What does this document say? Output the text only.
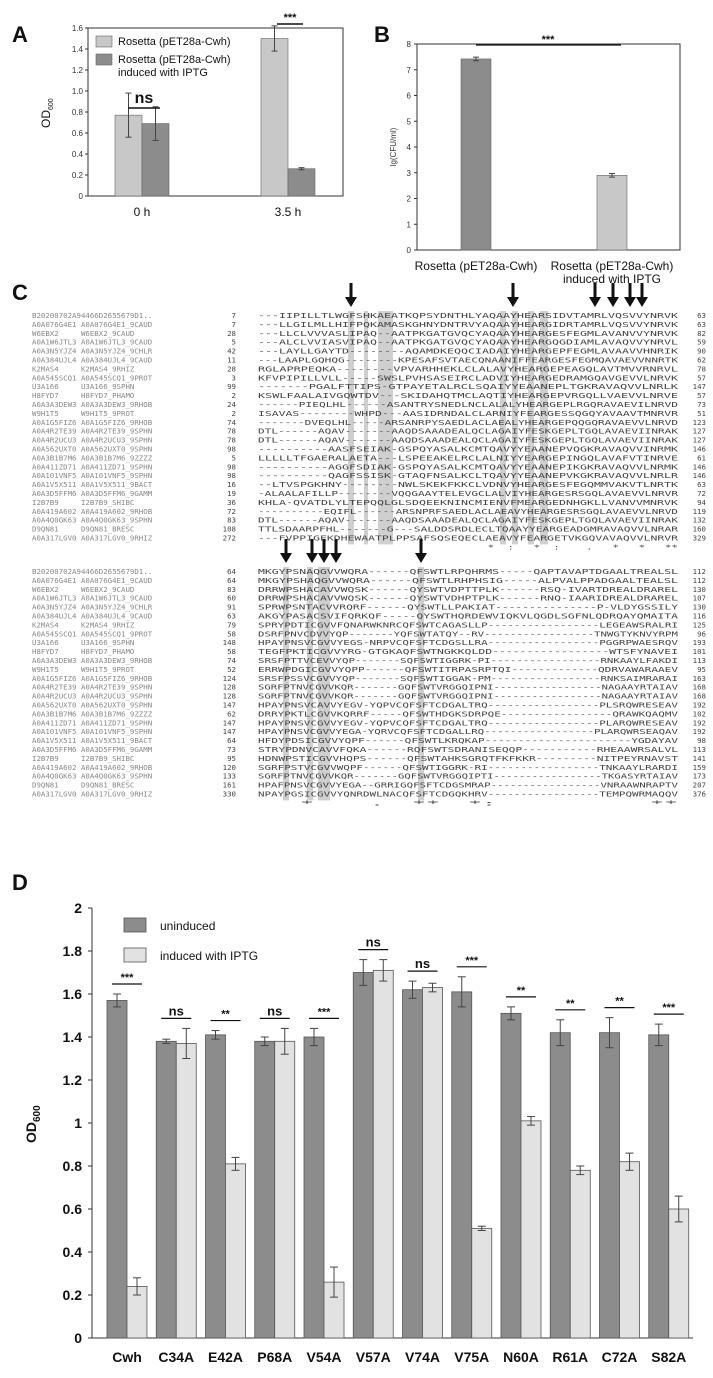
A	B
C
D
0
0.2
0.4
0.6
0.8
1.0
1.2
1.4
1.6
$OD_{600}$
0 h	3.5 h
ns
***
Rosetta (pET28a-Cwh)
Rosetta (pET28a-Cwh)
induced with IPTG
0
1
2
3
4
5
6
7
8
lg(CFU/ml)
Rosetta (pET28a-Cwh) Rosetta (pET28a-Cwh)
induced with IPTG
***
B20200702A94466D2655679D1..	7	---IIPILLTLWGFSHKAEATKQPSYDNTHLYAQAAYHEARSIDVTAMRLVQSVVYNRVK 63
A0A076G4E1 A0A076G4E1_9CAUD	7	---LLGILMLLHIFPQKAMASKGHNYDNTRVYAQAAYHEARGIDRTAMRLVQSVVYNRVK 63
W6EBX2     W6EBX2_9CAUD	28	---LLCLVVVASLIPAQ--AATPKGATGVQCYAQAAYHEARGESFEGMLAVANVVYNRVK 82
A0A1W6JTL3 A0A1W6JTL3_9CAUD	5	---ALCLVVIASVIPAQ--AATPKGATGVQCYAQAAYHEARGQGDIAMLAVAQVVYNRVL 59
A0A3N5YJZ4 A0A3N5YJZ4_9CHLR	42	---LAYLLGAYTD--------AQAMDKEQQCIADAIYHEARGEPFEGMLAVAAVVHNRIK 90
A0A384UJL4 A0A384UJL4_9CAUD	11	---LAAPLGQHQG--------KPESAFSVTAECQNAANIFFEARGESFEGMQAVAEVVNNRTK 62
K2MAS4     K2MAS4_9RHIZ	28	RGLAPRPEQKA--------VPVARHHEKLCLALAVYHEARGEPEAGQLAVTMVVRNRVL 78
A0A545SCQ1 A0A545SCQ1_9PROT	3	KFVPIPILLVLL-----SWSLPVHSASEIRCLADVIYHEARGEDRAMGQAVGEVVLNRVK 57
U3A166     U3A166_9SPHN	99	-------PGALFTTIPS-GTPAYETALRCLSQAIYYEAANEPLTGKRAVAQVVLNRLK 147
H8FYD7     H8FYD7_PHAMO	2	KSWLFAALAIVGQWTDV---SKIDAHQTMCLAQTIYHEARGEPVRGQLLVAEVVLNRVE	57
A0A3A3DEW3 A0A3A3DEW3_9RHOB	24	------PIEQLHL------ASANTRYSNEDLNCLALALYHEARGEPLRGQRAVAEVILNRVD	73
W9H1T5     W9H1T5_9PROT	2	ISAVAS--------WHPD---AASIDRNDALCLARNIYFEARGESSQGQYAVAAVTMNRVR 51
A0A1G5FIZ6 A0A1G5FIZ6_9RHOB	74	-------DVEQLHL-----ARSANRPYSAEDLACLAEALYHEARGEPQQGQRAVAEVVLNRVD 123
A0A4R2TE39 A0A4R2TE39_9SPHN	78	DTL------AQAV-------AAQDSAAADEALQCLAGAIYFESKGEPLTGQLAVAEVIINRAK 127
A0A4R2UCU3 A0A4R2UCU3_9SPHN	78	DTL------AQAV-------AAQDSAAADEALQCLAGAIYFESKGEPLTGQLAVAEVIINRAK 127
A0A562UXT0 A0A562UXT0_9SPHN	98	----------AASFSEIAK-GSPQYASALKCMTQAVYYEAANEPVQGKRAVAQVVINRMK 146
A0A3B1B7M6 A0A3B1B7M6_9ZZZZ	5	LLLLLTFGAERALAETA---LSPEEAKELRCLALNIYYEARGEPINGQLAVAFVTINRVE	61
A0A411ZD71 A0A411ZD71_9SPHN	98	----------AGGFSDIAK-GSPQYASALKCMTQAVYYEAANEPIKGKRAVAQVVLNRMK 146
A0A101VNF5 A0A101VNF5_9SPHN	98	----------QAGFSSISK-GTAQFNSALKCLTQAVYYEAANEPVKGKRAVAQVVLNRLR 146
A0A1V5X511 A0A1V5X511_9BACT	16	--LTVSPGKHNY--------NWLSKEKFKKCLVDNVYHEARGESFEGQMMVAKVTLNRTK 63
A0A3D5FFM6 A0A3D5FFM6_9GAMM	19	-ALAALAFILLP--------VQQGAAYTELEVGCLALVIYHEARGESRSGQLAVAEVVLNRVR 72
I2B7B9     I2B7B9_SHIBC	36	KHLA-QVATDLYLTEPQQLGLSDQEEKNINCMIENVFMEARGEDNHGKLLVANVVMNRVK 94
A0A419A602 A0A419A602_9RHOB	72	----------EQIFL------ARSNPRFSAEDLACLAEAVYHEARGESRSGQLAVAEVVLNRVD 119
A0A4Q0GK63 A0A4Q0GK63_9SPHN	83	DTL------AQAV-------AAQDSAAADEALQCLAGAIYFESKGEPLTGQLAVAEVIINRAK 132
D9QN81     D9QN81_BRESC	108	TTLSDAARPFHL-------G---SALDDSRDLECLTQAAYYEARGEADGMRAVAQVVLNRAR 160
A0A317LGV0 A0A317LGV0_9RHIZ	272	---FVPPIGEKDHEWAATPLPPSAFSQSEQECLAEAVYFEARGETVKGQVAVAQVVLNRVR 329
*  :   *  :    .   *   *   **
B20200702A94466D2655679D1..	64	MKGYPSNAQGVVWQRA------QFSWTLRPQHRMS-----QAPTAVAPTDGAALTREALSL 112
A0A076G4E1 A0A076G4E1_9CAUD	64	MKGYPSHAQGVVWQRA------QFSWTLRHPHSIG-----ALPVALPPADGAALTEALSL 112
W6EBX2     W6EBX2_9CAUD	83	DRRWPSHACAVVWQSK------QYSWTVDPTTPLK------RSQ-IVARTDREALDRAREL 130
A0A1W6JTL3 A0A1W6JTL3_9CAUD	60	DRRWPSHACAVVWQSK------QYSWTVDHPTPLK------RNQ-IAARIDREALDRAREL 107
A0A3N5YJZ4 A0A3N5YJZ4_9CHLR	91	SPRWPSNTACVVRQRF------QYSWTLLPAKIAT---------------P-VLDYGSSILY 130
A0A384UJL4 A0A384UJL4_9CAUD	63	AKGYPASACSVIFQRKQF-----QYSWTHQRDEWVIQKVLQGDLSGFNLQDRQAYQMAITA 116
K2MAS4     K2MAS4_9RHIZ	79	SPRYPDTICGVVFQNARWKNRCQFSWTCAGASLLP-----------------LEGEAWSRALRI 125
A0A545SCQ1 A0A545SCQ1_9PROT	58	DSRFPNVCDVVYQP-------YQFSWTATQY--RV-----------------TNWGTYKNVYRPM 96
U3A166     U3A166_9SPHN	148	HPAYPNSVCGVVYEGS-NRPVCQFSFTCDGSLLRA-----------------PGGRPWAESRQV 193
H8FYD7     H8FYD7_PHAMO	58	TEGFPKTICGVVYRG-GTGKAQFSWTNGKKQLDD-----------------WTSFYNAVEI 101
A0A3A3DEW3 A0A3A3DEW3_9RHOB	74	SRSFPTTVCEVVYQP-------SQFSWTIGGRK-PI-----------------RNKAAYLFAKDI 113
W9H1T5     W9H1T5_9PROT	52	ERRWPDGICGVVYQPP------QFSWTITRPASRPTQI-------------QDRVAWARAAEV 95
A0A1G5FIZ6 A0A1G5FIZ6_9RHOB	124	SRSFPSSVCGVVYQP-------SQFSWTIGGAK-PM-----------------RNKSAIMRARAI 163
A0A4R2TE39 A0A4R2TE39_9SPHN	128	SGRFPTNVCGVVKQR-------GQFSWTVRGGQIPNI-----------------NAGAAYRTAIAV 168
A0A4R2UCU3 A0A4R2UCU3_9SPHN	128	SGRFPTNVCGVVKQR-------GQFSWTVRGGQIPNI-----------------NAGAAYRTAIAV 168
A0A562UXT0 A0A562UXT0_9SPHN	147	HPAYPNSVCAVVYEGV-YQPVCQFSFTCDGALTRQ-----------------PLSRQWRESEAV 192
A0A3B1B7M6 A0A3B1B7M6_9ZZZZ	62	DRRYPKTLCGVVKQRRF-----QFSWTHDGKSDRPQE-----------------QRAWKQAQMV 102
A0A411ZD71 A0A411ZD71_9SPHN	147	HPAYPNSVCGVVYEGV-YQPVCQFSFTCDGALTRQ-----------------PLARQWRESEAV 192
A0A101VNF5 A0A101VNF5_9SPHN	147	HPAYPNSVCGVVYEGA-YQRVCQFSFTCDGALLRQ-----------------PLARQWRSEAQAV 192
A0A1V5X511 A0A1V5X511_9BACT	64	HFDYPDSICGVVYQPF------QFSWTLKRQKAP----------------------YGDAYAV 98
A0A3D5FFM6 A0A3D5FFM6_9GAMM	73	STRYPDNVCAVVFQKA------RQFSWTSDRANISEQQP-----------RHEAAWRSALVL 113
I2B7B9     I2B7B9_SHIBC	95	HDNWPSTICGVVHQPS------QFSWTAHKSGRQTFKFKKR---------NITPEYRNAVST 141
A0A419A602 A0A419A602_9RHOB	120	SGRFPSTVCGVVWQPF------QFSWTIGGRK-RI-----------------TNKAAYLRARDI 159
A0A4Q0GK63 A0A4Q0GK63_9SPHN	133	SGRFPTNVCGVVKQR-------GQFSWTVRGGQIPTI-----------------TKGASYRTAIAV 173
D9QN81     D9QN81_BRESC	161	HPAFPNSVCGVVYEGA--GRRIGQFSFTCDGSMRAP-----------------VNRAAWNRAPTV 207
A0A317LGV0 A0A317LGV0_9RHIZ	330	NPAYPGSICGVVYQNRDWLNACQFSFTCDGQKHRV-----------------TEMPQWRMAQQV 376
*    .  **  *:           **
0
0.2
0.4
0.6
0.8
1
1.2
1.4
1.6
1.8
2
$OD_{600}$
Cwh
***
C34A
ns
E42A
**
P68A
ns
V54A
***
V57A
ns
V74A
ns
V75A
***
N60A
**
R61A
**
C72A
**
S82A
***
uninduced
induced with IPTG
